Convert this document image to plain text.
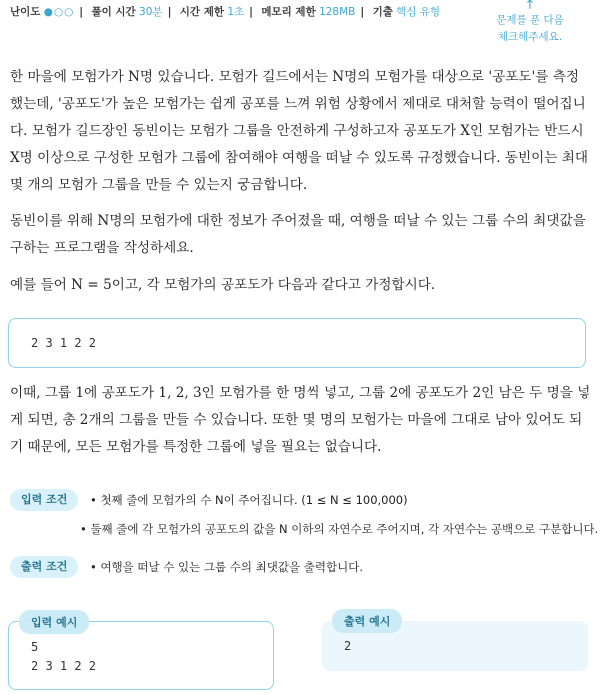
난이도 ●○○ | 풀이 시간 30분 | 시간 제한 1초 | 메모리 제한 128MB | 기출 핵심 유형	↑
문제를 푼 다음
체크해주세요.

한 마을에 모험가가 N명 있습니다. 모험가 길드에서는 N명의 모험가를 대상으로 '공포도'를 측정했는데, '공포도'가 높은 모험가는 쉽게 공포를 느껴 위험 상황에서 제대로 대처할 능력이 떨어집니다. 모험가 길드장인 동빈이는 모험가 그룹을 안전하게 구성하고자 공포도가 X인 모험가는 반드시 X명 이상으로 구성한 모험가 그룹에 참여해야 여행을 떠날 수 있도록 규정했습니다. 동빈이는 최대 몇 개의 모험가 그룹을 만들 수 있는지 궁금합니다.

동빈이를 위해 N명의 모험가에 대한 정보가 주어졌을 때, 여행을 떠날 수 있는 그룹 수의 최댓값을 구하는 프로그램을 작성하세요.

예를 들어 N = 5이고, 각 모험가의 공포도가 다음과 같다고 가정합시다.

2 3 1 2 2

이때, 그룹 1에 공포도가 1, 2, 3인 모험가를 한 명씩 넣고, 그룹 2에 공포도가 2인 남은 두 명을 넣게 되면, 총 2개의 그룹을 만들 수 있습니다. 또한 몇 명의 모험가는 마을에 그대로 남아 있어도 되기 때문에, 모든 모험가를 특정한 그룹에 넣을 필요는 없습니다.

입력 조건 • 첫째 줄에 모험가의 수 N이 주어집니다. (1 ≤ N ≤ 100,000)
• 둘째 줄에 각 모험가의 공포도의 값을 N 이하의 자연수로 주어지며, 각 자연수는 공백으로 구분합니다.
출력 조건 • 여행을 떠날 수 있는 그룹 수의 최댓값을 출력합니다.
입력 예시
5
2 3 1 2 2
출력 예시
2
